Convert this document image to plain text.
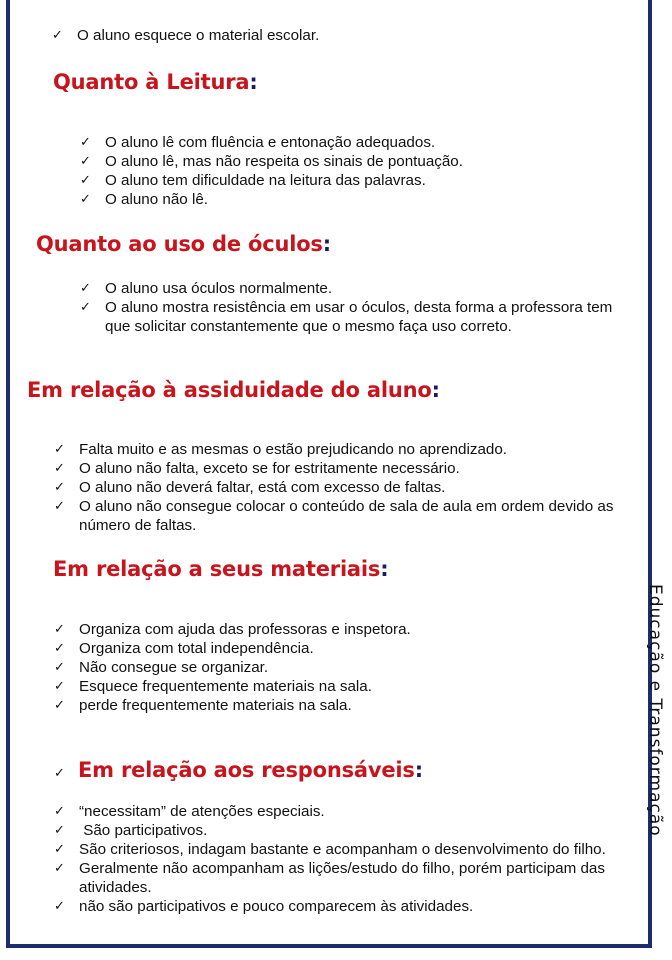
✓ O aluno esquece o material escolar.
Quanto à Leitura:
✓ O aluno lê com fluência e entonação adequados.
✓ O aluno lê, mas não respeita os sinais de pontuação.
✓ O aluno tem dificuldade na leitura das palavras.
✓ O aluno não lê.
Quanto ao uso de óculos:
✓ O aluno usa óculos normalmente.
✓ O aluno mostra resistência em usar o óculos, desta forma a professora tem que solicitar constantemente que o mesmo faça uso correto.
Em relação à assiduidade do aluno:
✓ Falta muito e as mesmas o estão prejudicando no aprendizado.
✓ O aluno não falta, exceto se for estritamente necessário.
✓ O aluno não deverá faltar, está com excesso de faltas.
✓ O aluno não consegue colocar o conteúdo de sala de aula em ordem devido as número de faltas.
Em relação a seus materiais:
✓ Organiza com ajuda das professoras e inspetora.
✓ Organiza com total independência.
✓ Não consegue se organizar.
✓ Esquece frequentemente materiais na sala.
✓ perde frequentemente materiais na sala.
✓ Em relação aos responsáveis:
✓ “necessitam” de atenções especiais.
✓ São participativos.
✓ São criteriosos, indagam bastante e acompanham o desenvolvimento do filho.
✓ Geralmente não acompanham as lições/estudo do filho, porém participam das atividades.
✓ não são participativos e pouco comparecem às atividades.
Educação e Transformação
